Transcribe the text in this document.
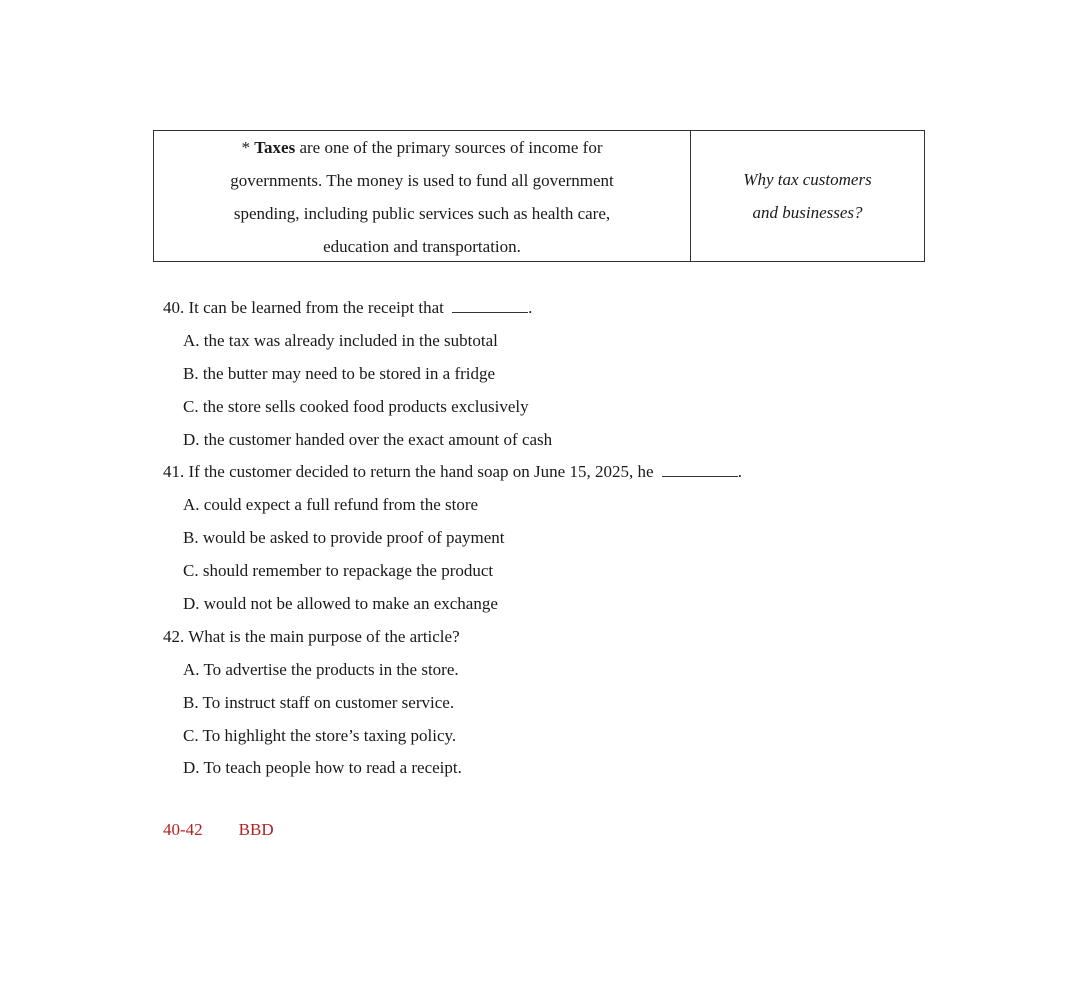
* Taxes are one of the primary sources of income for
governments. The money is used to fund all government
spending, including public services such as health care,
education and transportation.
Why tax customers
and businesses?
40. It can be learned from the receipt that	.
A. the tax was already included in the subtotal
B. the butter may need to be stored in a fridge
C. the store sells cooked food products exclusively
D. the customer handed over the exact amount of cash
41. If the customer decided to return the hand soap on June 15, 2025, he	.
A. could expect a full refund from the store
B. would be asked to provide proof of payment
C. should remember to repackage the product
D. would not be allowed to make an exchange
42. What is the main purpose of the article?
A. To advertise the products in the store.
B. To instruct staff on customer service.
C. To highlight the store’s taxing policy.
D. To teach people how to read a receipt.
40-42 BBD
